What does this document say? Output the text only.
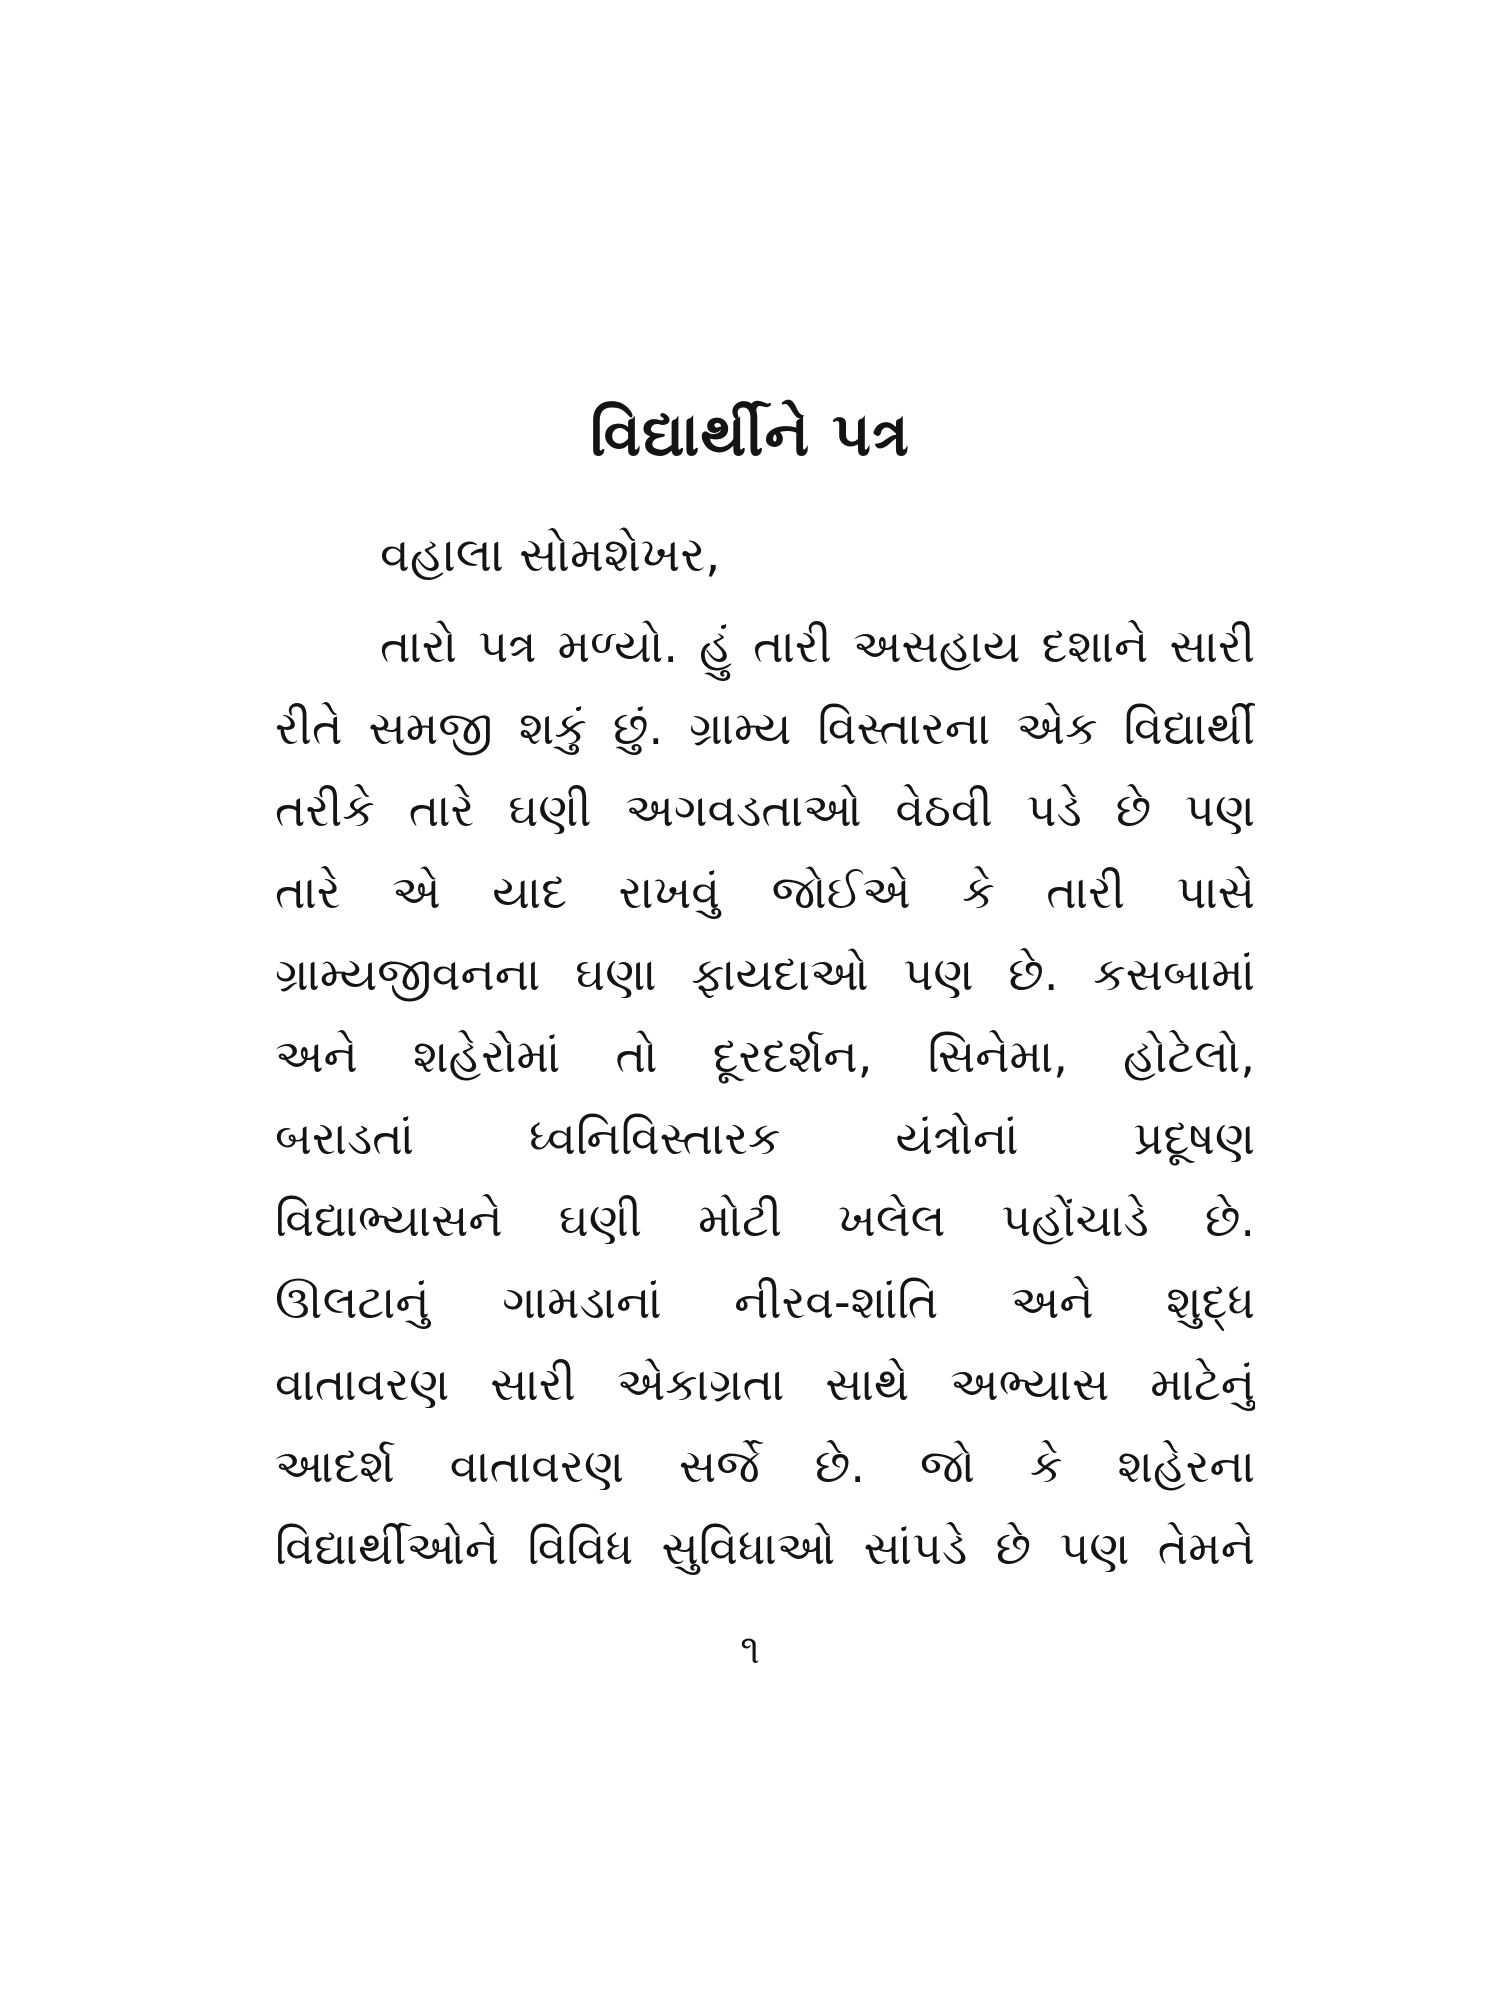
વિદ્યાર્થીને પત્ર
વહાલા સોમશેખર,
તારો પત્ર મળ્યો. હું તારી અસહાય દશાને સારી
રીતે સમજી શકું છું. ગ્રામ્ય વિસ્તારના એક વિદ્યાર્થી
તરીકે તારે ઘણી અગવડતાઓ વેઠવી પડે છે પણ
તારે એ યાદ રાખવું જોઈએ કે તારી પાસે
ગ્રામ્યજીવનના ઘણા ફાયદાઓ પણ છે. કસબામાં
અને શહેરોમાં તો દૂરદર્શન, સિનેમા, હોટેલો,
બરાડતાં ધ્વનિવિસ્તારક યંત્રોનાં પ્રદૂષણ
વિદ્યાભ્યાસને ઘણી મોટી ખલેલ પહોંચાડે છે.
ઊલટાનું ગામડાનાં નીરવ-શાંતિ અને શુદ્ધ
વાતાવરણ સારી એકાગ્રતા સાથે અભ્યાસ માટેનું
આદર્શ વાતાવરણ સર્જે છે. જો કે શહેરના
વિદ્યાર્થીઓને વિવિધ સુવિધાઓ સાંપડે છે પણ તેમને
૧
